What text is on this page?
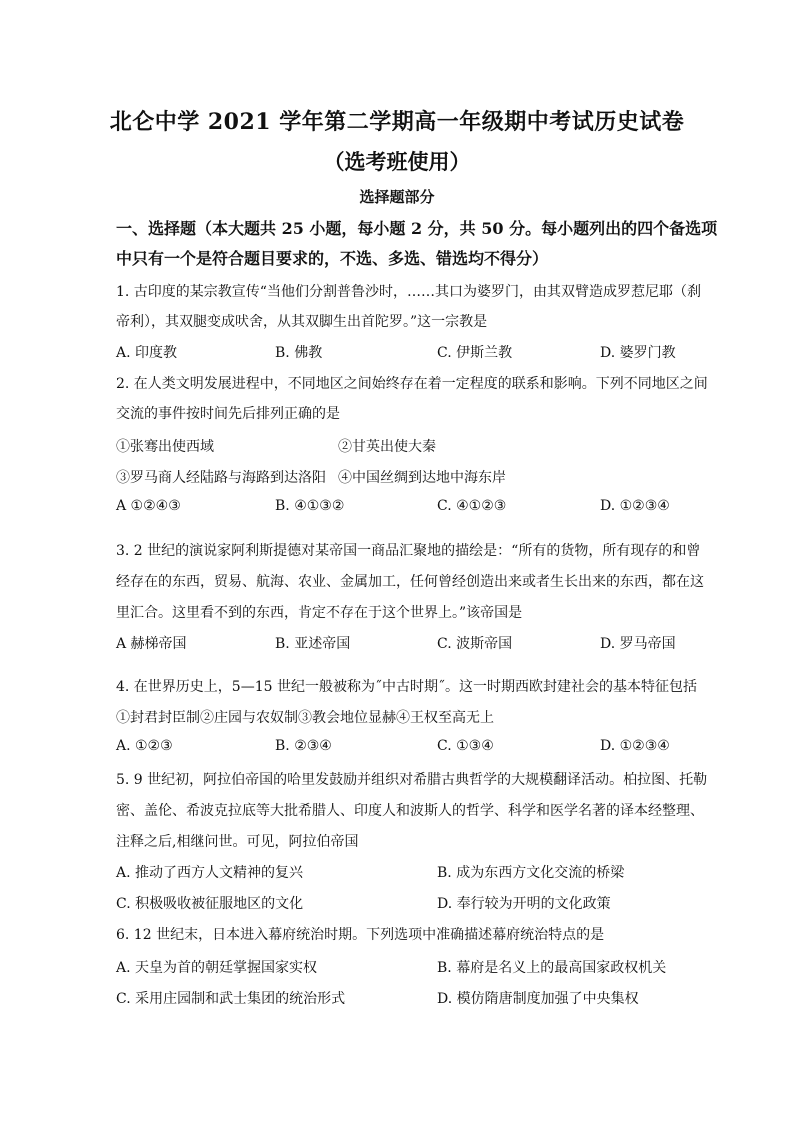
北仑中学 2021 学年第二学期高一年级期中考试历史试卷
（选考班使用）
选择题部分
一、选择题（本大题共 25 小题，每小题 2 分，共 50 分。每小题列出的四个备选项
中只有一个是符合题目要求的，不选、多选、错选均不得分）
1. 古印度的某宗教宣传“当他们分割普鲁沙时，……其口为婆罗门，由其双臂造成罗惹尼耶（刹
帝利），其双腿变成吠舍，从其双脚生出首陀罗。”这一宗教是
A. 印度教	B. 佛教	C. 伊斯兰教	D. 婆罗门教
2. 在人类文明发展进程中，不同地区之间始终存在着一定程度的联系和影响。下列不同地区之间
交流的事件按时间先后排列正确的是
①张骞出使西域	②甘英出使大秦
③罗马商人经陆路与海路到达洛阳 ④中国丝绸到达地中海东岸
A ①②④③	B. ④①③②	C. ④①②③	D. ①②③④
3. 2 世纪的演说家阿利斯提德对某帝国一商品汇聚地的描绘是：“所有的货物，所有现存的和曾
经存在的东西，贸易、航海、农业、金属加工，任何曾经创造出来或者生长出来的东西，都在这
里汇合。这里看不到的东西，肯定不存在于这个世界上。”该帝国是
A 赫梯帝国	B. 亚述帝国	C. 波斯帝国	D. 罗马帝国
4. 在世界历史上，5—15 世纪一般被称为˝中古时期˝。这一时期西欧封建社会的基本特征包括
①封君封臣制②庄园与农奴制③教会地位显赫④王权至高无上
A. ①②③	B. ②③④	C. ①③④	D. ①②③④
5. 9 世纪初，阿拉伯帝国的哈里发鼓励并组织对希腊古典哲学的大规模翻译活动。柏拉图、托勒
密、盖伦、希波克拉底等大批希腊人、印度人和波斯人的哲学、科学和医学名著的译本经整理、
注释之后,相继问世。可见，阿拉伯帝国
A. 推动了西方人文精神的复兴	B. 成为东西方文化交流的桥梁
C. 积极吸收被征服地区的文化	D. 奉行较为开明的文化政策
6. 12 世纪末，日本进入幕府统治时期。下列选项中准确描述幕府统治特点的是
A. 天皇为首的朝廷掌握国家实权	B. 幕府是名义上的最高国家政权机关
C. 采用庄园制和武士集团的统治形式	D. 模仿隋唐制度加强了中央集权
